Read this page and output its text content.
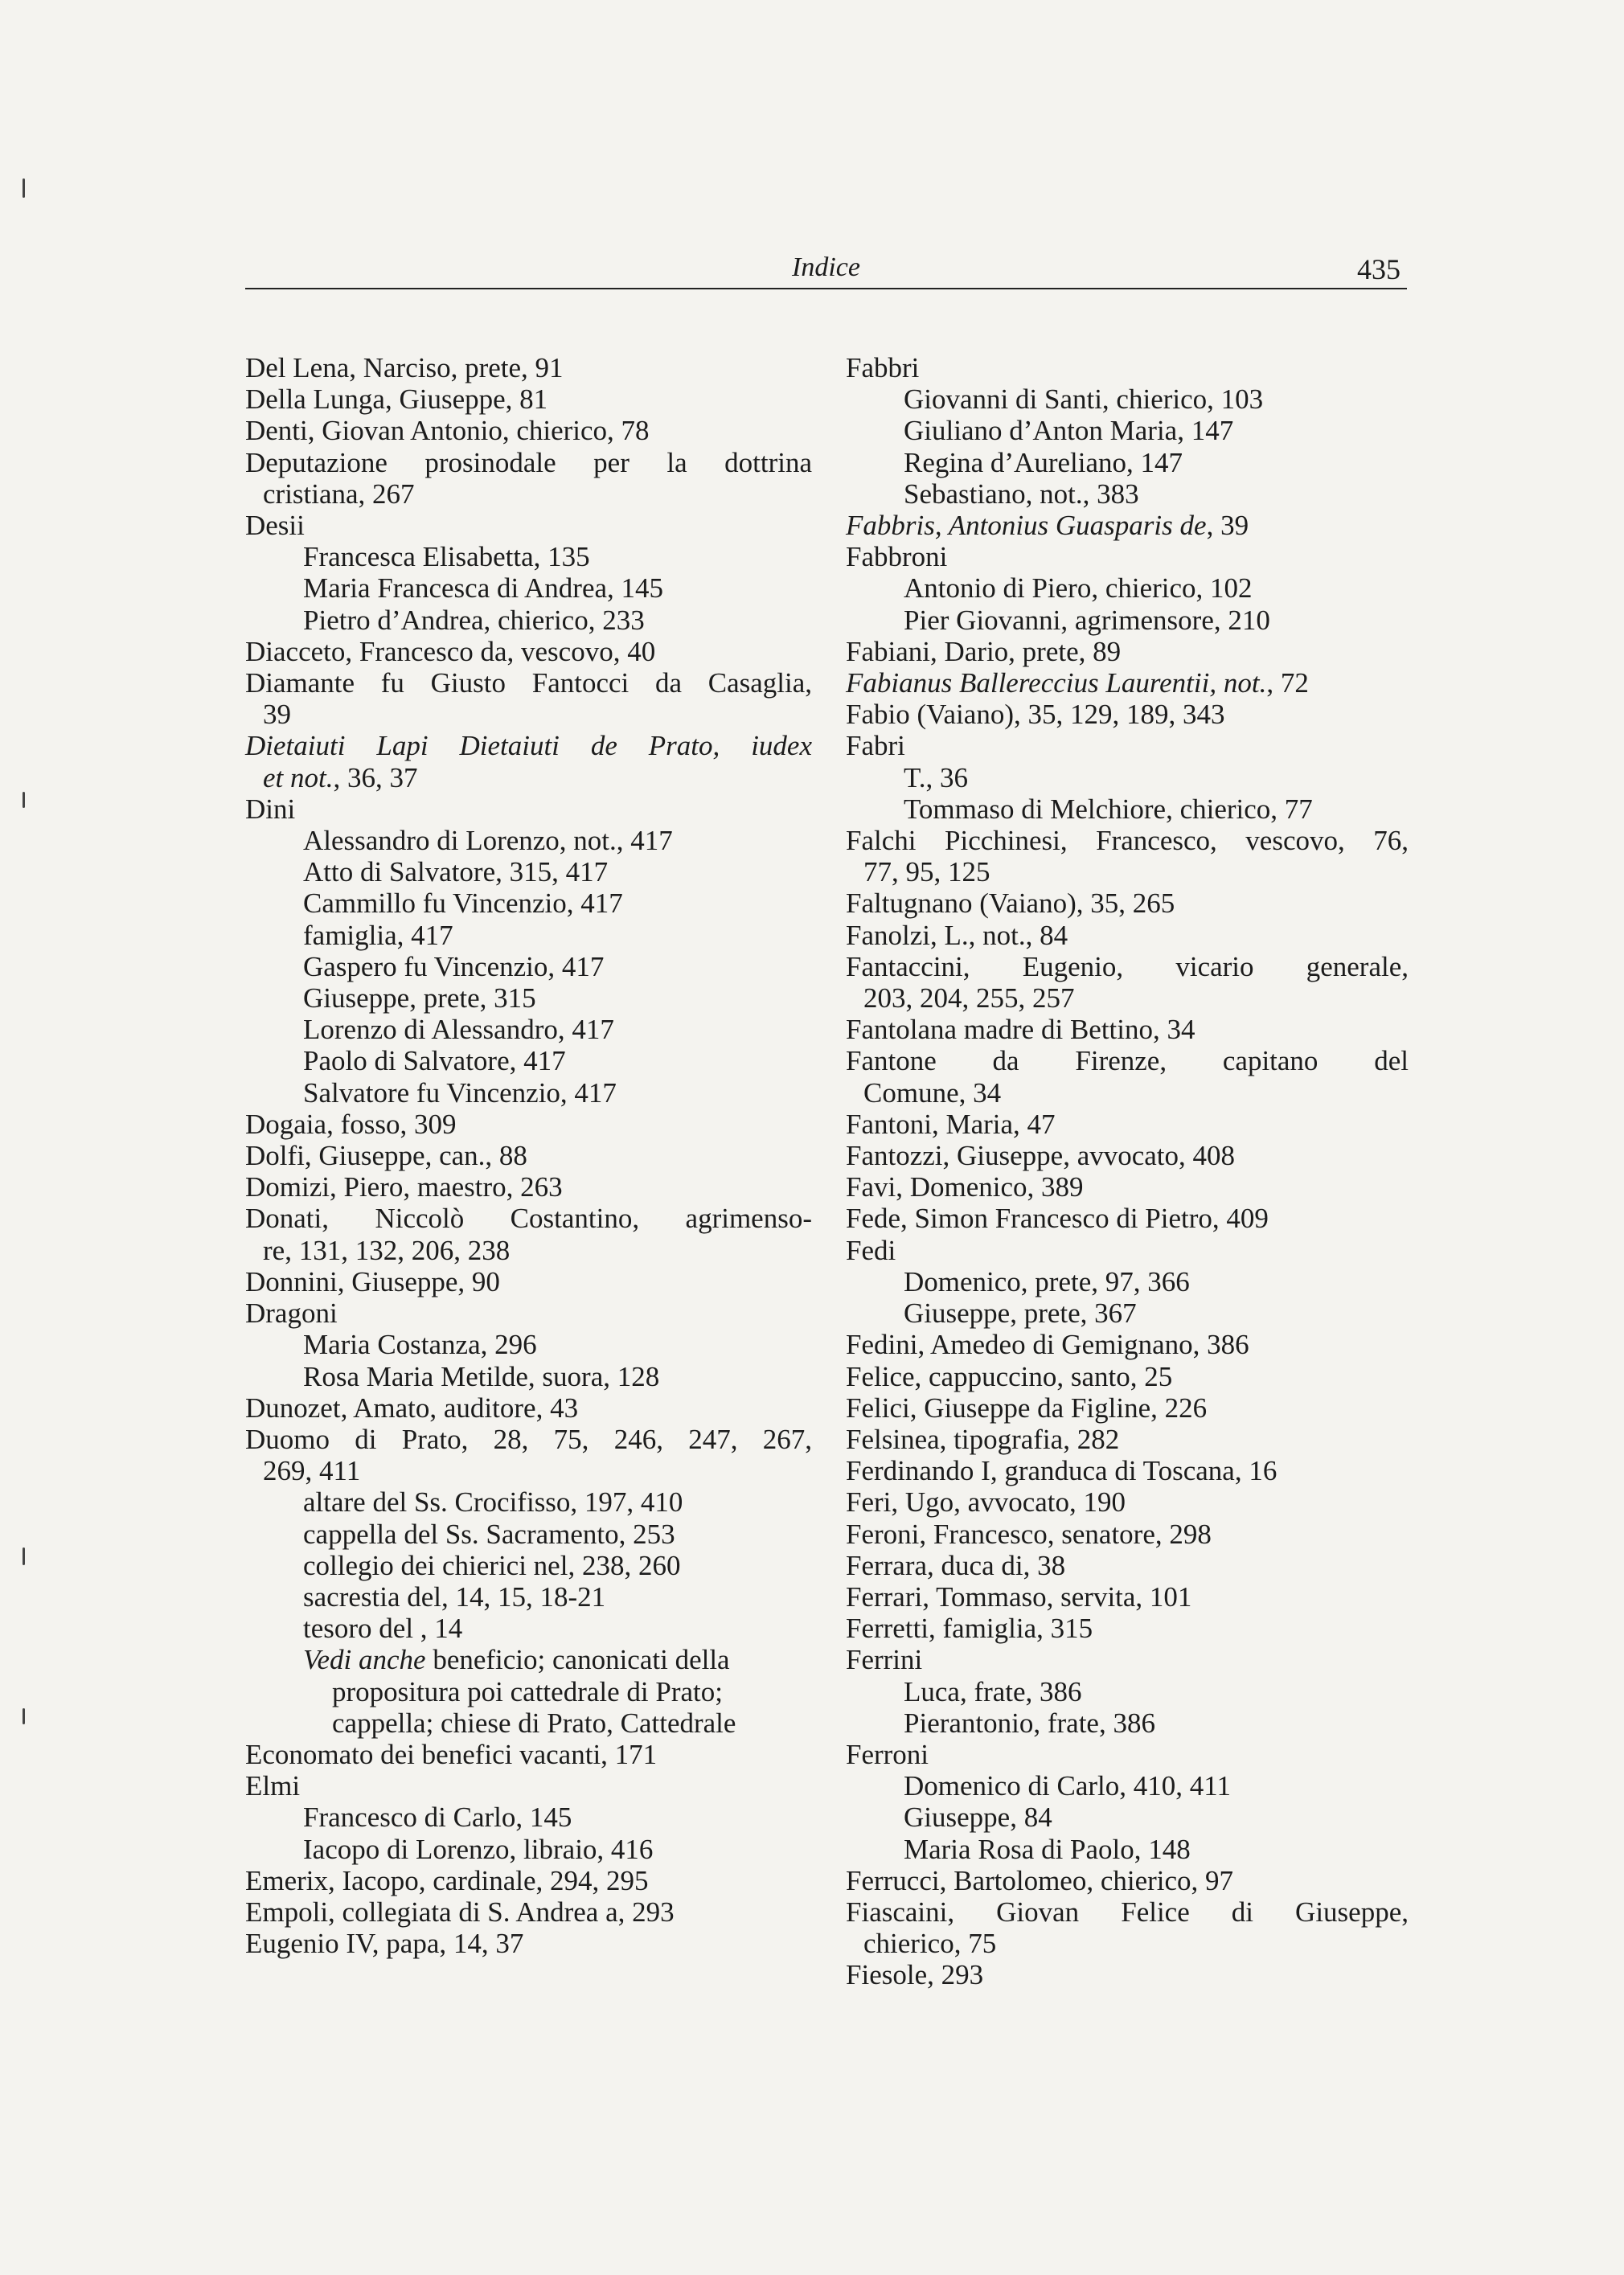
Indice	435
Del Lena, Narciso, prete, 91
Della Lunga, Giuseppe, 81
Denti, Giovan Antonio, chierico, 78
Deputazione prosinodale per la dottrina
cristiana, 267
Desii
Francesca Elisabetta, 135
Maria Francesca di Andrea, 145
Pietro d’Andrea, chierico, 233
Diacceto, Francesco da, vescovo, 40
Diamante fu Giusto Fantocci da Casaglia,
39
Dietaiuti Lapi Dietaiuti de Prato, iudex
et not., 36, 37
Dini
Alessandro di Lorenzo, not., 417
Atto di Salvatore, 315, 417
Cammillo fu Vincenzio, 417
famiglia, 417
Gaspero fu Vincenzio, 417
Giuseppe, prete, 315
Lorenzo di Alessandro, 417
Paolo di Salvatore, 417
Salvatore fu Vincenzio, 417
Dogaia, fosso, 309
Dolfi, Giuseppe, can., 88
Domizi, Piero, maestro, 263
Donati, Niccolò Costantino, agrimenso-
re, 131, 132, 206, 238
Donnini, Giuseppe, 90
Dragoni
Maria Costanza, 296
Rosa Maria Metilde, suora, 128
Dunozet, Amato, auditore, 43
Duomo di Prato, 28, 75, 246, 247, 267,
269, 411
altare del Ss. Crocifisso, 197, 410
cappella del Ss. Sacramento, 253
collegio dei chierici nel, 238, 260
sacrestia del, 14, 15, 18-21
tesoro del , 14
Vedi anche beneficio; canonicati della
propositura poi cattedrale di Prato;
cappella; chiese di Prato, Cattedrale
Economato dei benefici vacanti, 171
Elmi
Francesco di Carlo, 145
Iacopo di Lorenzo, libraio, 416
Emerix, Iacopo, cardinale, 294, 295
Empoli, collegiata di S. Andrea a, 293
Eugenio IV, papa, 14, 37
Fabbri
Giovanni di Santi, chierico, 103
Giuliano d’Anton Maria, 147
Regina d’Aureliano, 147
Sebastiano, not., 383
Fabbris, Antonius Guasparis de, 39
Fabbroni
Antonio di Piero, chierico, 102
Pier Giovanni, agrimensore, 210
Fabiani, Dario, prete, 89
Fabianus Ballereccius Laurentii, not., 72
Fabio (Vaiano), 35, 129, 189, 343
Fabri
T., 36
Tommaso di Melchiore, chierico, 77
Falchi Picchinesi, Francesco, vescovo, 76,
77, 95, 125
Faltugnano (Vaiano), 35, 265
Fanolzi, L., not., 84
Fantaccini, Eugenio, vicario generale,
203, 204, 255, 257
Fantolana madre di Bettino, 34
Fantone da Firenze, capitano del
Comune, 34
Fantoni, Maria, 47
Fantozzi, Giuseppe, avvocato, 408
Favi, Domenico, 389
Fede, Simon Francesco di Pietro, 409
Fedi
Domenico, prete, 97, 366
Giuseppe, prete, 367
Fedini, Amedeo di Gemignano, 386
Felice, cappuccino, santo, 25
Felici, Giuseppe da Figline, 226
Felsinea, tipografia, 282
Ferdinando I, granduca di Toscana, 16
Feri, Ugo, avvocato, 190
Feroni, Francesco, senatore, 298
Ferrara, duca di, 38
Ferrari, Tommaso, servita, 101
Ferretti, famiglia, 315
Ferrini
Luca, frate, 386
Pierantonio, frate, 386
Ferroni
Domenico di Carlo, 410, 411
Giuseppe, 84
Maria Rosa di Paolo, 148
Ferrucci, Bartolomeo, chierico, 97
Fiascaini, Giovan Felice di Giuseppe,
chierico, 75
Fiesole, 293
